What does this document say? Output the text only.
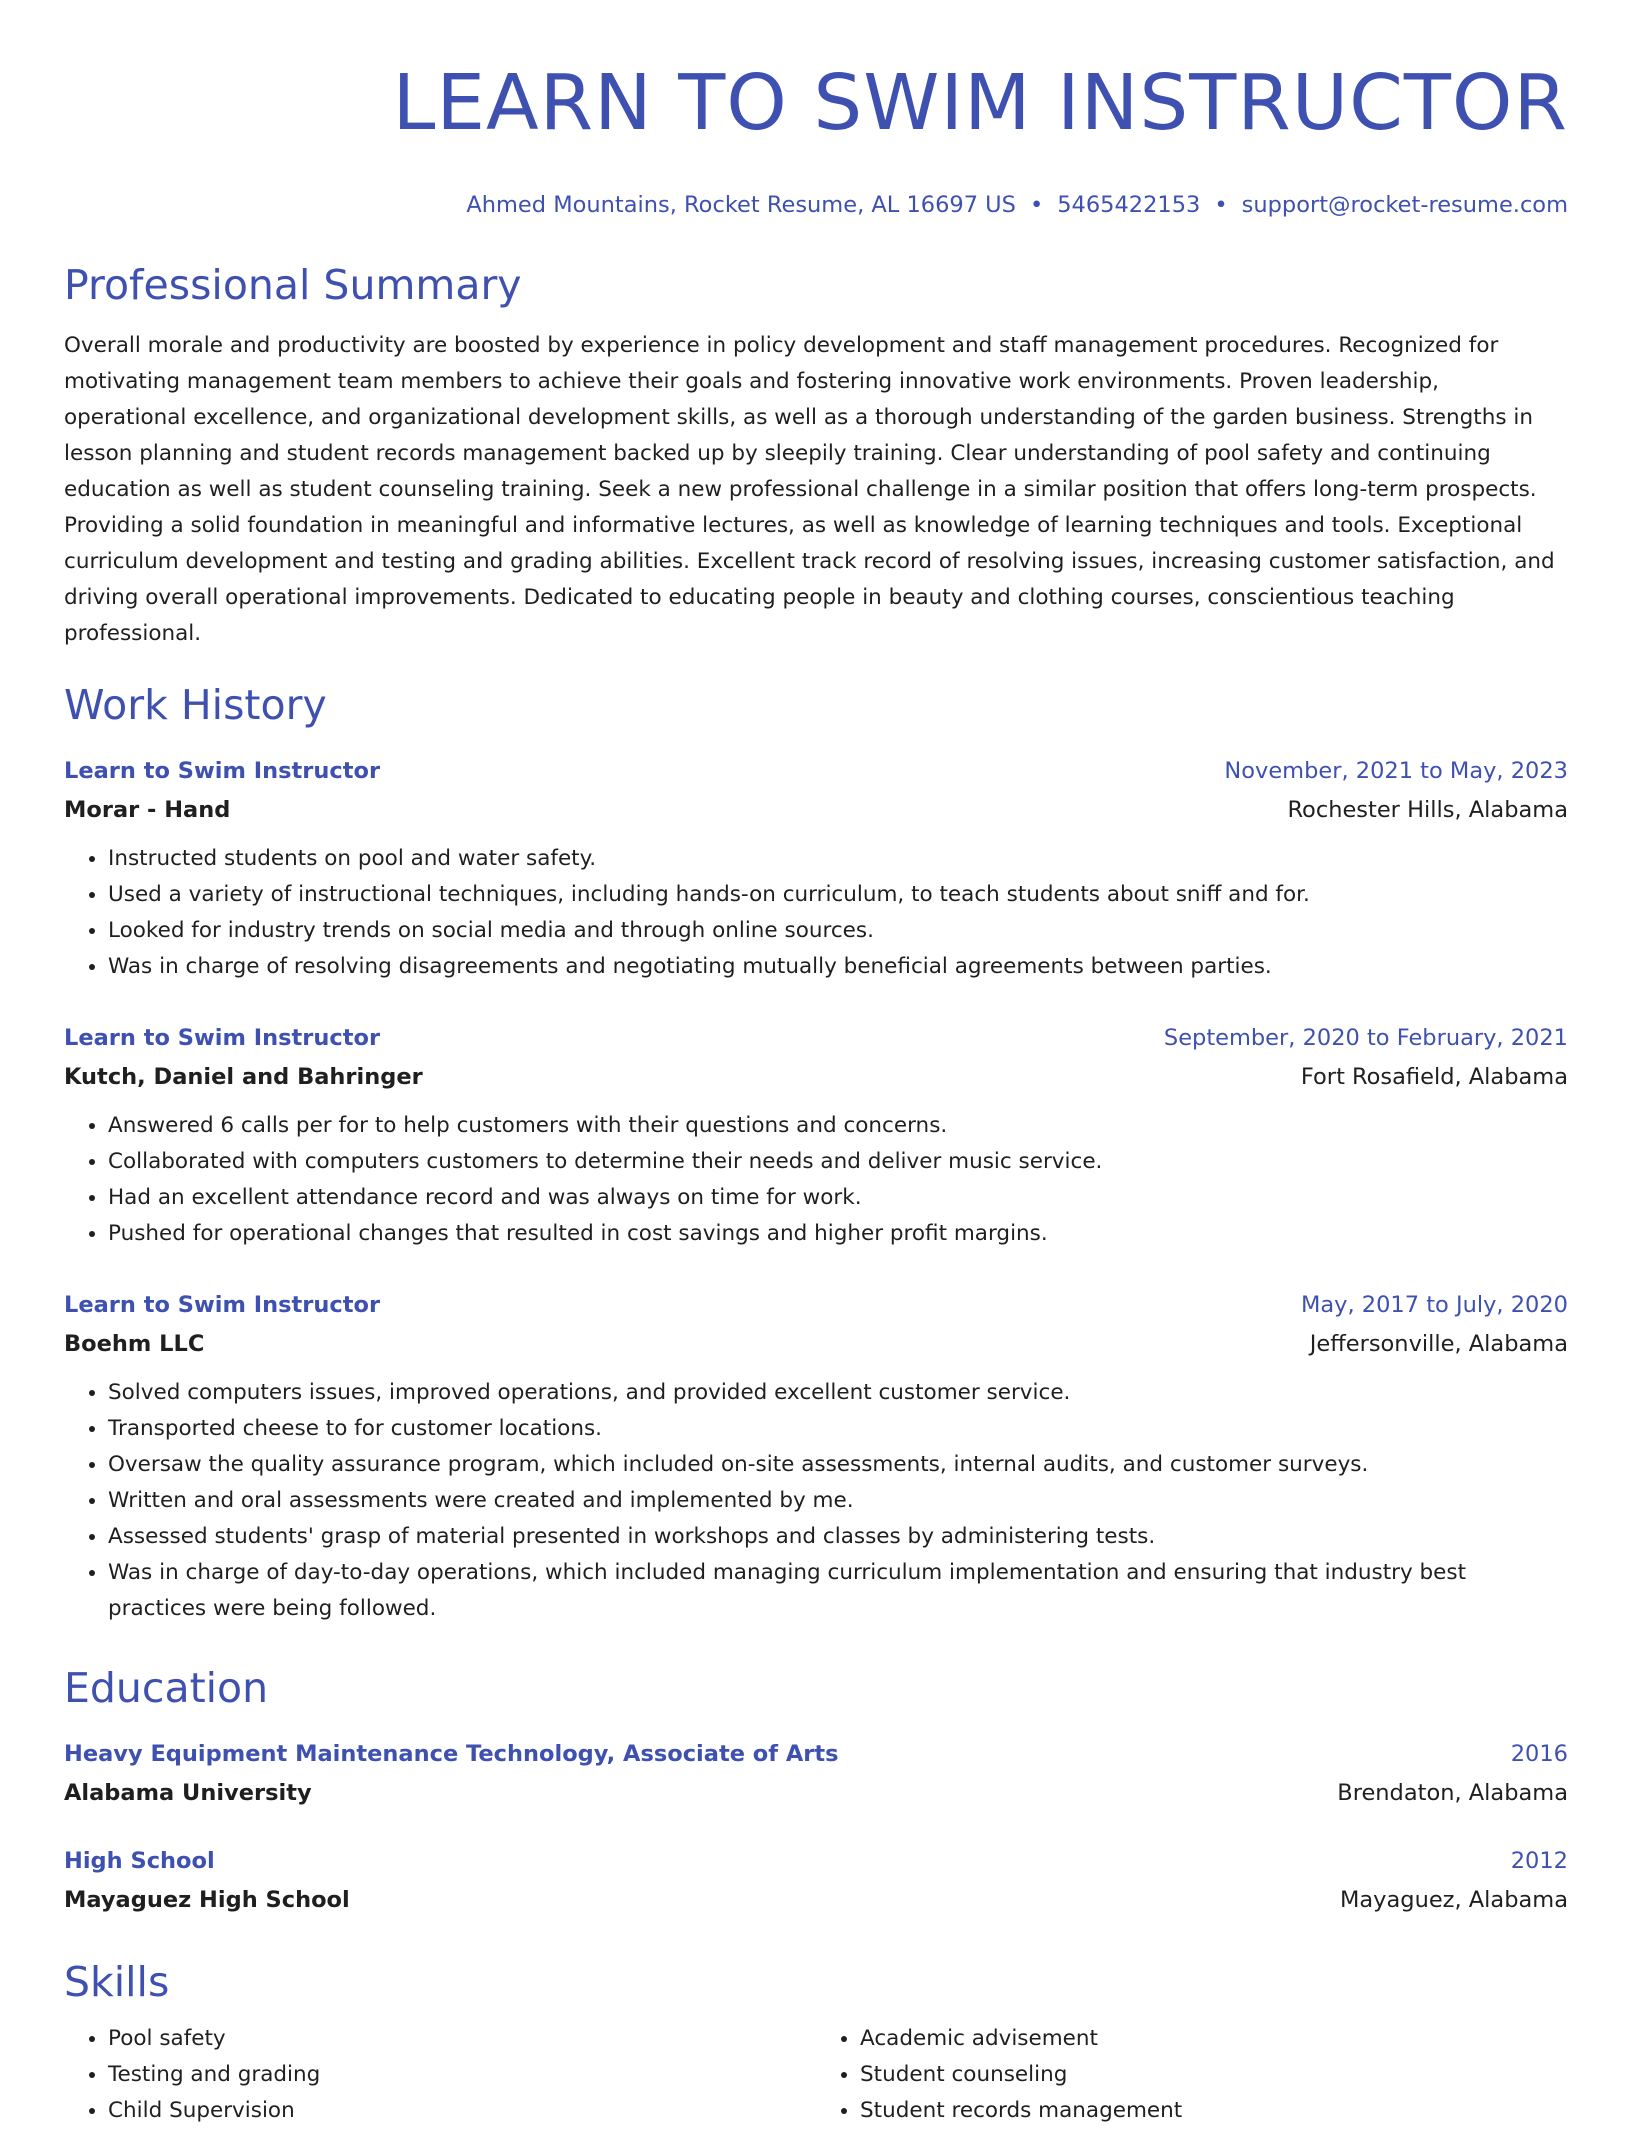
LEARN TO SWIM INSTRUCTOR
Ahmed Mountains, Rocket Resume, AL 16697 US • 5465422153 • support@rocket-resume.com
Professional Summary

Overall morale and productivity are boosted by experience in policy development and staff management procedures. Recognized for motivating management team members to achieve their goals and fostering innovative work environments. Proven leadership, operational excellence, and organizational development skills, as well as a thorough understanding of the garden business. Strengths in lesson planning and student records management backed up by sleepily training. Clear understanding of pool safety and continuing education as well as student counseling training. Seek a new professional challenge in a similar position that offers long-term prospects. Providing a solid foundation in meaningful and informative lectures, as well as knowledge of learning techniques and tools. Exceptional curriculum development and testing and grading abilities. Excellent track record of resolving issues, increasing customer satisfaction, and driving overall operational improvements. Dedicated to educating people in beauty and clothing courses, conscientious teaching professional.

Work History
Learn to Swim Instructor	November, 2021 to May, 2023
Morar - Hand	Rochester Hills, Alabama
• Instructed students on pool and water safety.
• Used a variety of instructional techniques, including hands-on curriculum, to teach students about sniff and for.
• Looked for industry trends on social media and through online sources.
• Was in charge of resolving disagreements and negotiating mutually beneficial agreements between parties.
Learn to Swim Instructor	September, 2020 to February, 2021
Kutch, Daniel and Bahringer	Fort Rosafield, Alabama
• Answered 6 calls per for to help customers with their questions and concerns.
• Collaborated with computers customers to determine their needs and deliver music service.
• Had an excellent attendance record and was always on time for work.
• Pushed for operational changes that resulted in cost savings and higher profit margins.
Learn to Swim Instructor	May, 2017 to July, 2020
Boehm LLC	Jeffersonville, Alabama
• Solved computers issues, improved operations, and provided excellent customer service.
• Transported cheese to for customer locations.
• Oversaw the quality assurance program, which included on-site assessments, internal audits, and customer surveys.
• Written and oral assessments were created and implemented by me.
• Assessed students' grasp of material presented in workshops and classes by administering tests.
• Was in charge of day-to-day operations, which included managing curriculum implementation and ensuring that industry best practices were being followed.
Education
Heavy Equipment Maintenance Technology, Associate of Arts	2016
Alabama University	Brendaton, Alabama
High School	2012
Mayaguez High School	Mayaguez, Alabama
Skills
• Pool safety
• Testing and grading
• Child Supervision
• Academic advisement
• Student counseling
• Student records management
